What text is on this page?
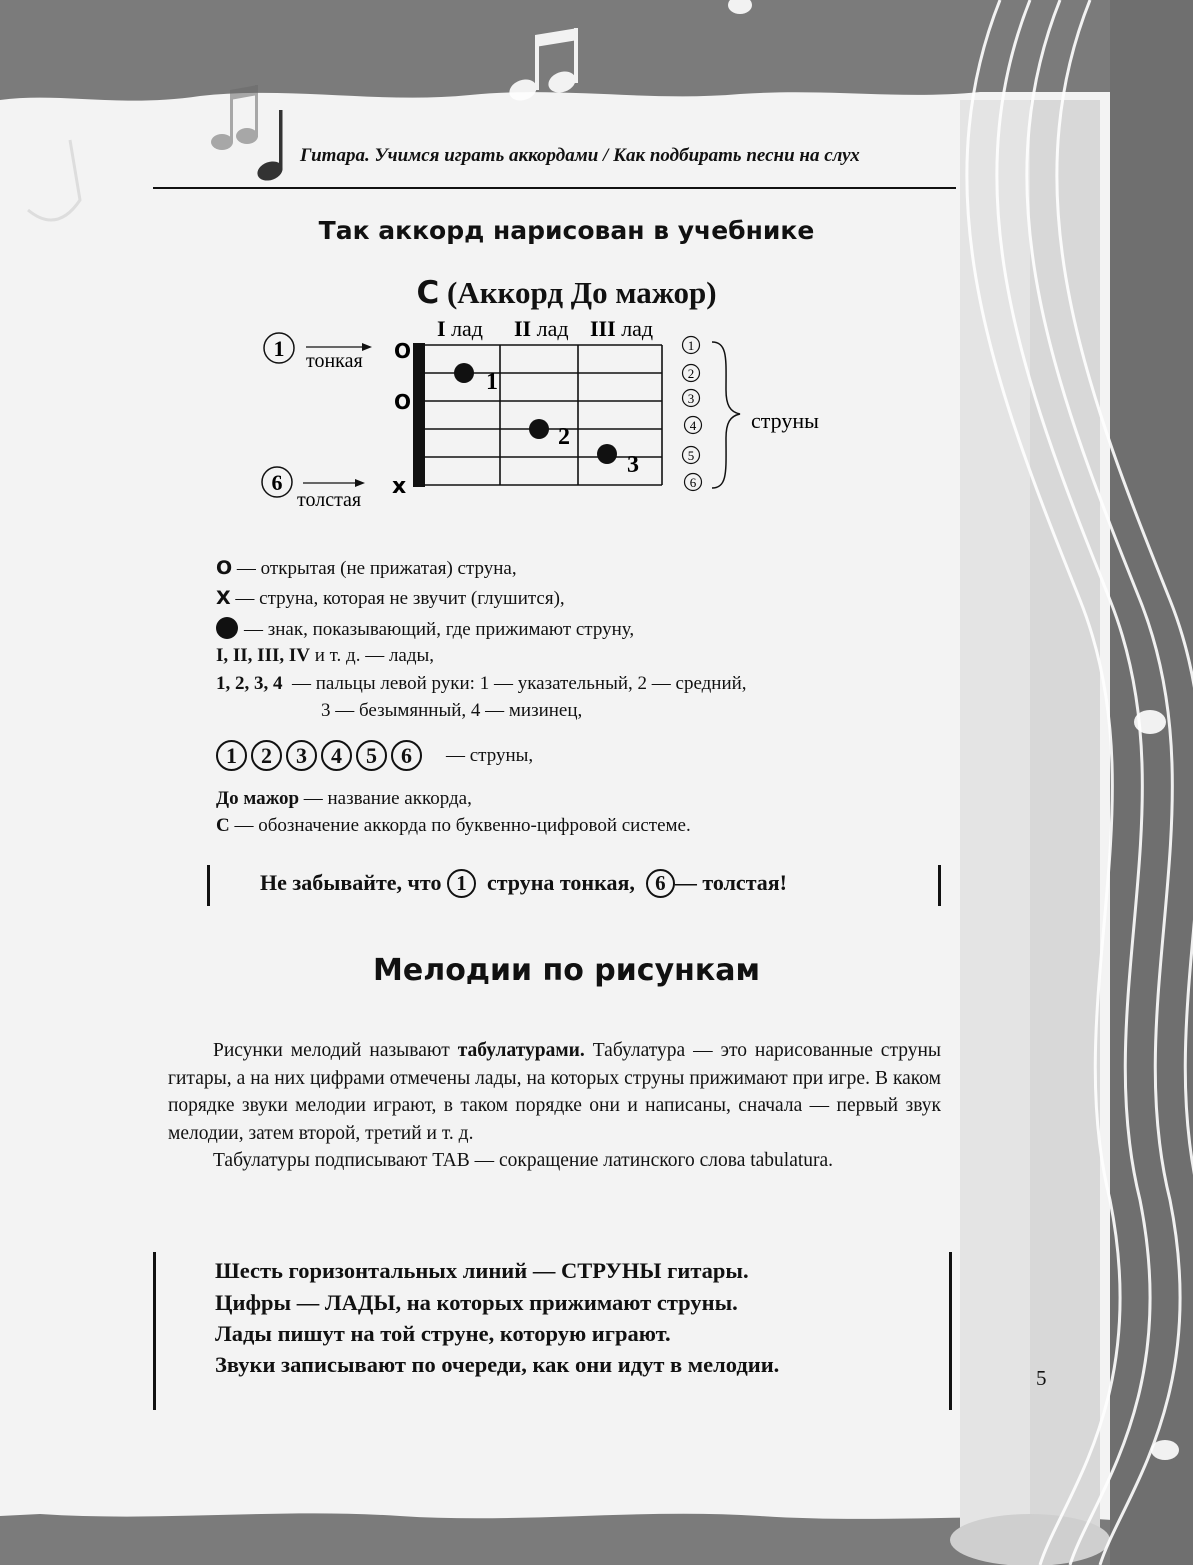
Гитара. Учимся играть аккордами / Как подбирать песни на слух
Так аккорд нарисован в учебнике
C (Аккорд До мажор)
I лад II лад III лад
O
O
x
1
2
3
1
2
3
4
5
6
струны
1 тонкая
6
толстая
O — открытая (не прижатая) струна,
X — струна, которая не звучит (глушится),
— знак, показывающий, где прижимают струну,
I, II, III, IV и т. д. — лады,
1, 2, 3, 4 — пальцы левой руки: 1 — указательный, 2 — средний,
3 — безымянный, 4 — мизинец,
1 2 3 4 5 6 — струны,
До мажор — название аккорда,
С — обозначение аккорда по буквенно-цифровой системе.
Не забывайте, что 1 струна тонкая, 6 — толстая!
Мелодии по рисункам

Рисунки мелодий называют табулатурами. Табулатура — это нарисованные струны гитары, а на них цифрами отмечены лады, на которых струны прижимают при игре. В каком порядке звуки мелодии играют, в таком порядке они и написаны, сначала — первый звук мелодии, затем второй, третий и т. д.

Табулатуры подписывают TAB — сокращение латинского слова tabulatura.

Шесть горизонтальных линий — СТРУНЫ гитары.
Цифры — ЛАДЫ, на которых прижимают струны.
Лады пишут на той струне, которую играют.
Звуки записывают по очереди, как они идут в мелодии.
5
